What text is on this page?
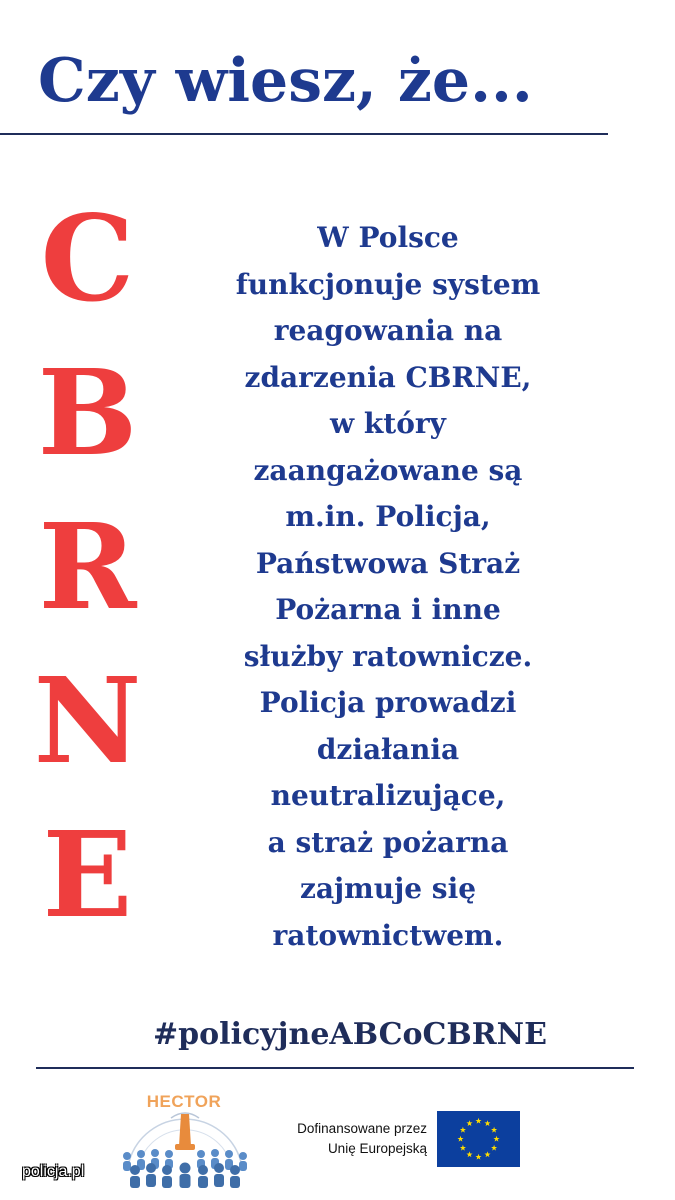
Czy wiesz, że...
C
B
R
N
E
W Polsce
funkcjonuje system
reagowania na
zdarzenia CBRNE,
w który
zaangażowane są
m.in. Policja,
Państwowa Straż
Pożarna i inne
służby ratownicze.
Policja prowadzi
działania
neutralizujące,
a straż pożarna
zajmuje się
ratownictwem.
#policyjneABCoCBRNE
HECTOR
Dofinansowane przez
Unię Europejską
policja.pl
